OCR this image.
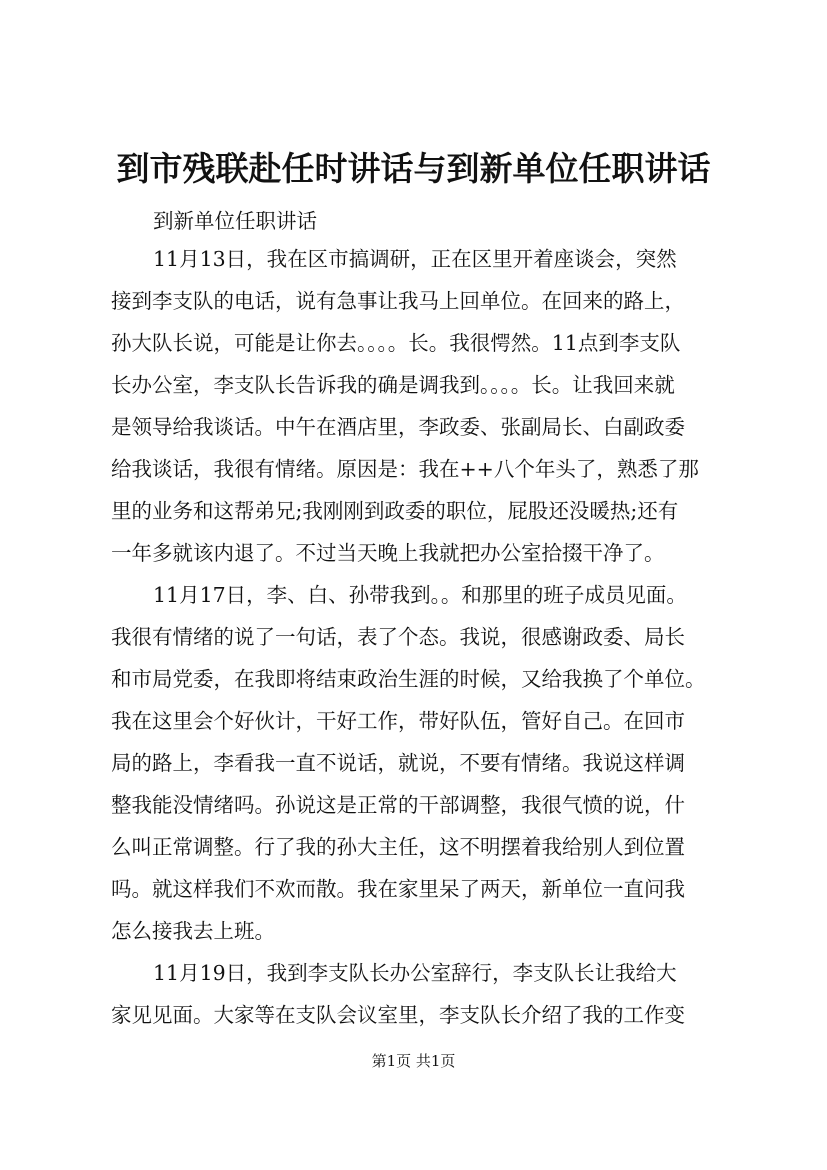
到市残联赴任时讲话与到新单位任职讲话
到新单位任职讲话
11月13日，我在区市搞调研，正在区里开着座谈会，突然
接到李支队的电话，说有急事让我马上回单位。在回来的路上，
孙大队长说，可能是让你去。。。。长。我很愕然。11点到李支队
长办公室，李支队长告诉我的确是调我到。。。。长。让我回来就
是领导给我谈话。中午在酒店里，李政委、张副局长、白副政委
给我谈话，我很有情绪。原因是：我在++八个年头了，熟悉了那
里的业务和这帮弟兄;我刚刚到政委的职位，屁股还没暖热;还有
一年多就该内退了。不过当天晚上我就把办公室拾掇干净了。
11月17日，李、白、孙带我到。。和那里的班子成员见面。
我很有情绪的说了一句话，表了个态。我说，很感谢政委、局长
和市局党委，在我即将结束政治生涯的时候，又给我换了个单位。
我在这里会个好伙计，干好工作，带好队伍，管好自己。在回市
局的路上，李看我一直不说话，就说，不要有情绪。我说这样调
整我能没情绪吗。孙说这是正常的干部调整，我很气愤的说，什
么叫正常调整。行了我的孙大主任，这不明摆着我给别人到位置
吗。就这样我们不欢而散。我在家里呆了两天，新单位一直问我
怎么接我去上班。
11月19日，我到李支队长办公室辞行，李支队长让我给大
家见见面。大家等在支队会议室里，李支队长介绍了我的工作变
第1页 共1页
